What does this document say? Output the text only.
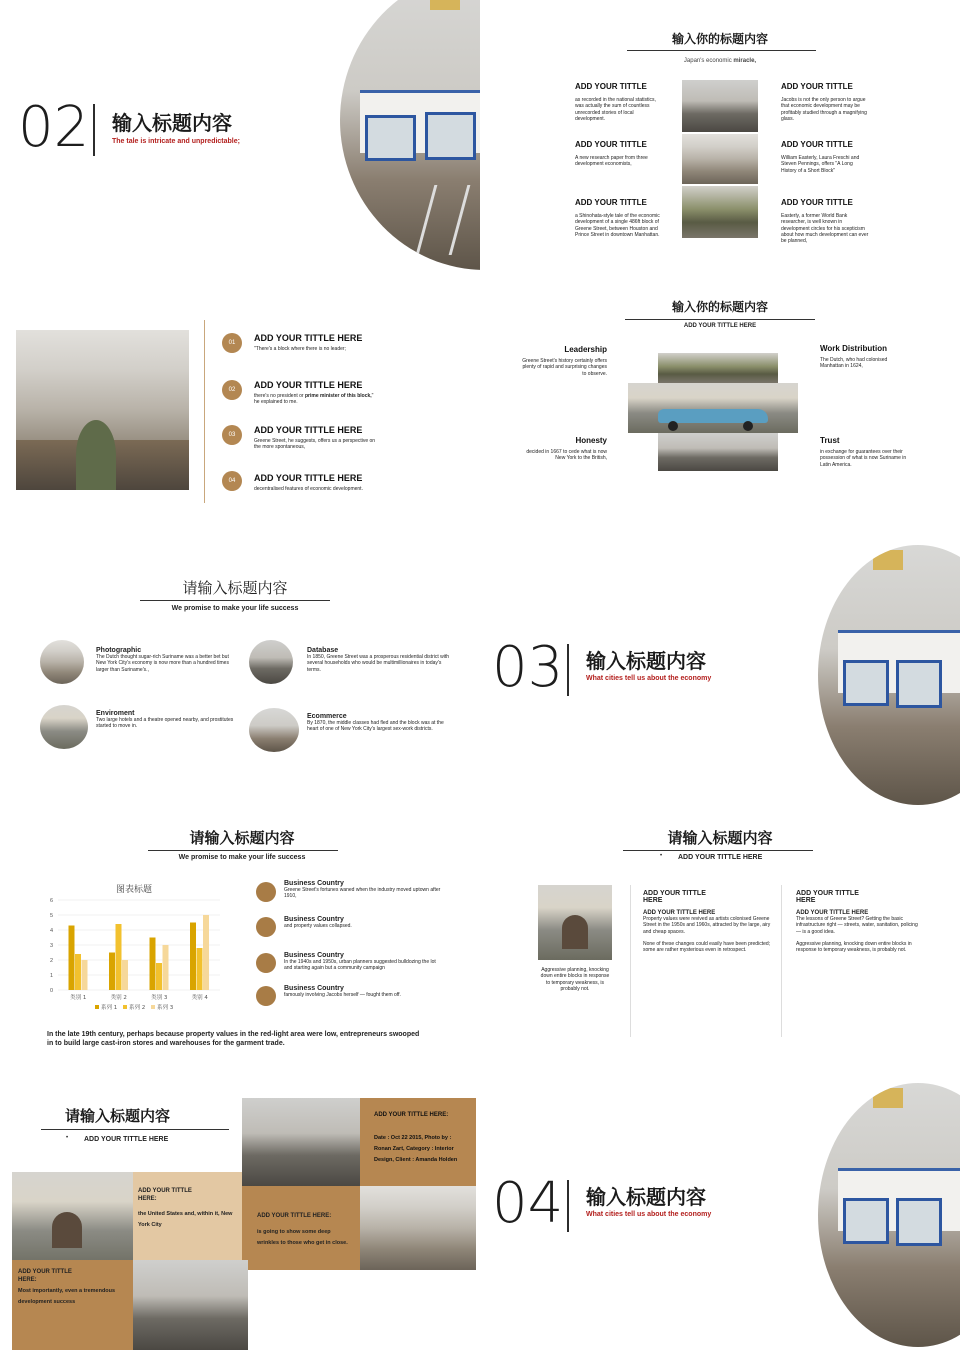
02 输入标题内容
The tale is intricate and unpredictable;
输入你的标题内容
Japan's economic miracle,
ADD YOUR TITTLE
as recorded in the national statistics, was actually the sum of countless unrecorded stories of local development.
ADD YOUR TITTLE
A new research paper from three development economists,
ADD YOUR TITTLE
a Shinohata-style tale of the economic development of a single 486ft block of Greene Street, between Houston and Prince Street in downtown Manhattan.
ADD YOUR TITTLE
Jacobs is not the only person to argue that economic development may be profitably studied through a magnifying glass.
ADD YOUR TITTLE
William Easterly, Laura Freschi and Steven Pennings, offers "A Long History of a Short Block"
ADD YOUR TITTLE
Easterly, a former World Bank researcher, is well known in development circles for his scepticism about how much development can ever be planned,
01	ADD YOUR TITTLE HERE
"There's a block where there is no leader;
02	ADD YOUR TITTLE HERE
there's no president or prime minister of this block," he explained to me.
03	ADD YOUR TITTLE HERE
Greene Street, he suggests, offers us a perspective on the more spontaneous,
04	ADD YOUR TITTLE HERE
decentralised features of economic development.
输入你的标题内容
ADD YOUR TITTLE HERE
Leadership
Greene Street's history certainly offers plenty of rapid and surprising changes to observe.
Work Distribution
The Dutch, who had colonised Manhattan in 1624,
Honesty
decided in 1667 to cede what is now New York to the British,
Trust
in exchange for guarantees over their possession of what is now Suriname in Latin America.
请输入标题内容
We promise to make your life success
Photographic
The Dutch thought sugar-rich Suriname was a better bet but New York City's economy is now more than a hundred times larger than Suriname's.,
Database
In 1850, Greene Street was a prosperous residential district with several households who would be multimillionaires in today's terms.
Enviroment
Two large hotels and a theatre opened nearby, and prostitutes started to move in.
Ecommerce
By 1870, the middle classes had fled and the block was at the heart of one of New York City's largest sex-work districts.
03 输入标题内容
What cities tell us about the economy
请输入标题内容
We promise to make your life success
图表标题
0
1
2
3
4
5
6
类别 1	类别 2	类别 3	类别 4
系列 1 系列 2 系列 3
Business Country
Greene Street's fortunes waned when the industry moved uptown after 1910,
Business Country
and property values collapsed.
Business Country
In the 1940s and 1950s, urban planners suggested bulldozing the lot and starting again but a community campaign
Business Country
famously involving Jacobs herself — fought them off.
In the late 19th century, perhaps because property values in the red-light area were low, entrepreneurs swooped in to build large cast-iron stores and warehouses for the garment trade.
请输入标题内容
• ADD YOUR TITTLE HERE
Aggressive planning, knocking down entire blocks in response to temporary weakness, is probably not.
ADD YOUR TITTLE HERE
ADD YOUR TITTLE HERE
Property values were revived as artists colonised Greene Street in the 1950s and 1960s, attracted by the large, airy and cheap spaces.
None of these changes could easily have been predicted; some are rather mysterious even in retrospect.
ADD YOUR TITTLE HERE
ADD YOUR TITTLE HERE
The lessons of Greene Street? Getting the basic infrastructure right — streets, water, sanitation, policing — is a good idea.
Aggressive planning, knocking down entire blocks in response to temporary weakness, is probably not.
请输入标题内容
• ADD YOUR TITTLE HERE
ADD YOUR TITTLE HERE:
Date : Oct 22 2015, Photo by : Ronan Zart, Category : Interior Design, Client : Amanda Holden
ADD YOUR TITTLE HERE:
the United States and, within it, New York City
ADD YOUR TITTLE HERE:
is going to show some deep wrinkles to those who get in close.
ADD YOUR TITTLE HERE:
Most importantly, even a tremendous development success
04 输入标题内容
What cities tell us about the economy
